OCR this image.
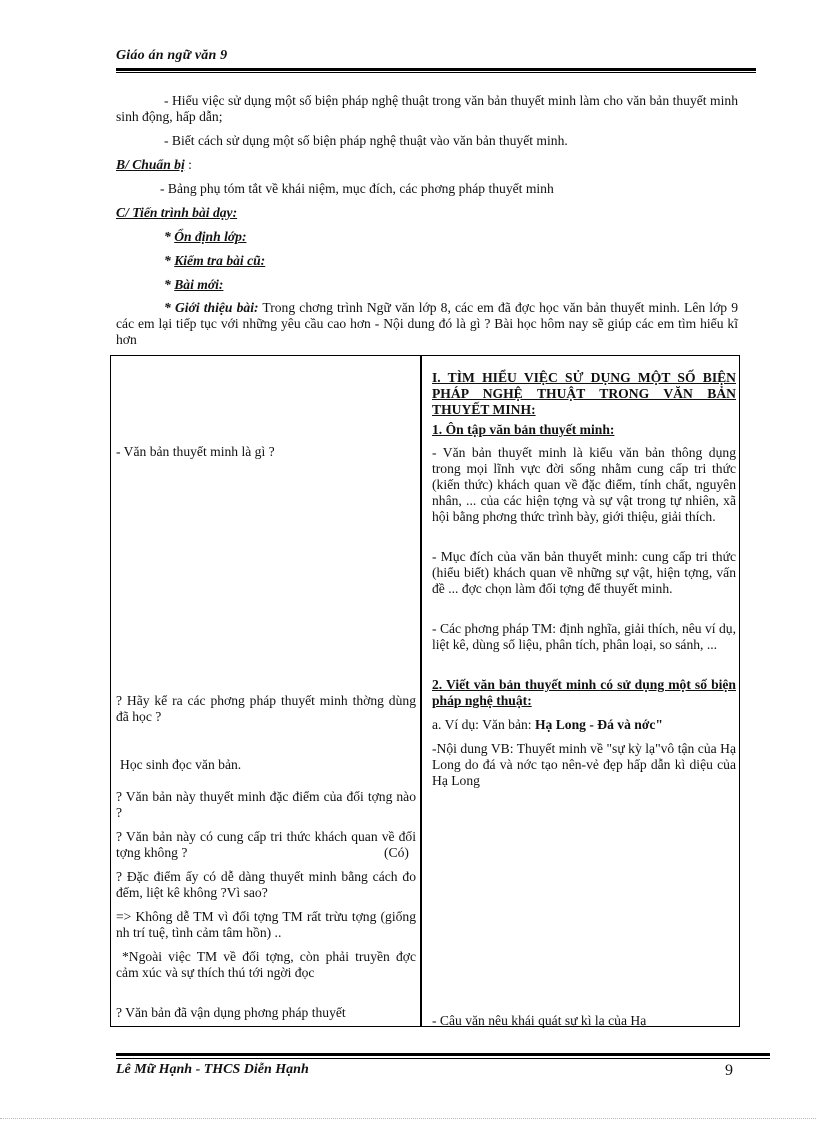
Giáo án ngữ văn 9
- Hiểu việc sử dụng một số biện pháp nghệ thuật trong văn bản thuyết minh làm cho văn bản thuyết minh sinh động, hấp dẫn;
- Biết cách sử dụng một số biện pháp nghệ thuật vào văn bản thuyết minh.
B/ Chuẩn bị :
- Bảng phụ tóm tắt về khái niệm, mục đích, các phơng pháp thuyết minh
C/ Tiến trình bài dạy:
* Ổn định lớp:
* Kiểm tra bài cũ:
* Bài mới:
* Giới thiệu bài: Trong chơng trình Ngữ văn lớp 8, các em đã đợc học văn bản thuyết minh. Lên lớp 9 các em lại tiếp tục với những yêu cầu cao hơn - Nội dung đó là gì ? Bài học hôm nay sẽ giúp các em tìm hiểu kĩ hơn
- Văn bản thuyết minh là gì ?
? Hãy kể ra các phơng pháp thuyết minh thờng dùng đã học ?
Học sinh đọc văn bản.
? Văn bản này thuyết minh đặc điểm của đối tợng nào ?
? Văn bản này có cung cấp tri thức khách quan về đối tợng không ?	(Có)
? Đặc điểm ấy có dễ dàng thuyết minh bằng cách đo đếm, liệt kê không ?Vì sao?
=> Không dễ TM vì đối tợng TM rất trừu tợng (giống nh trí tuệ, tình cảm tâm hồn) ..
*Ngoài việc TM về đối tợng, còn phải truyền đợc cảm xúc và sự thích thú tới ngời đọc
? Văn bản đã vận dụng phơng pháp thuyết
I. TÌM HIỂU VIỆC SỬ DỤNG MỘT SỐ BIỆN PHÁP NGHỆ THUẬT TRONG VĂN BẢN THUYẾT MINH:
1. Ôn tập văn bản thuyết minh:
- Văn bản thuyết minh là kiểu văn bản thông dụng trong mọi lĩnh vực đời sống nhằm cung cấp tri thức (kiến thức) khách quan về đặc điểm, tính chất, nguyên nhân, ... của các hiện tợng và sự vật trong tự nhiên, xã hội bằng phơng thức trình bày, giới thiệu, giải thích.
- Mục đích của văn bản thuyết minh: cung cấp tri thức (hiểu biết) khách quan về những sự vật, hiện tợng, vấn đề ... đợc chọn làm đối tợng để thuyết minh.
- Các phơng pháp TM: định nghĩa, giải thích, nêu ví dụ, liệt kê, dùng số liệu, phân tích, phân loại, so sánh, ...
2. Viết văn bản thuyết minh có sử dụng một số biện pháp nghệ thuật:
a. Ví dụ: Văn bản: Hạ Long - Đá và nớc"
-Nội dung VB: Thuyết minh về "sự kỳ lạ"vô tận của Hạ Long do đá và nớc tạo nên-vẻ đẹp hấp dẫn kì diệu của Hạ Long
- Câu văn nêu khái quát sự kì lạ của Hạ
Lê Mữ Hạnh - THCS Diễn Hạnh	9
